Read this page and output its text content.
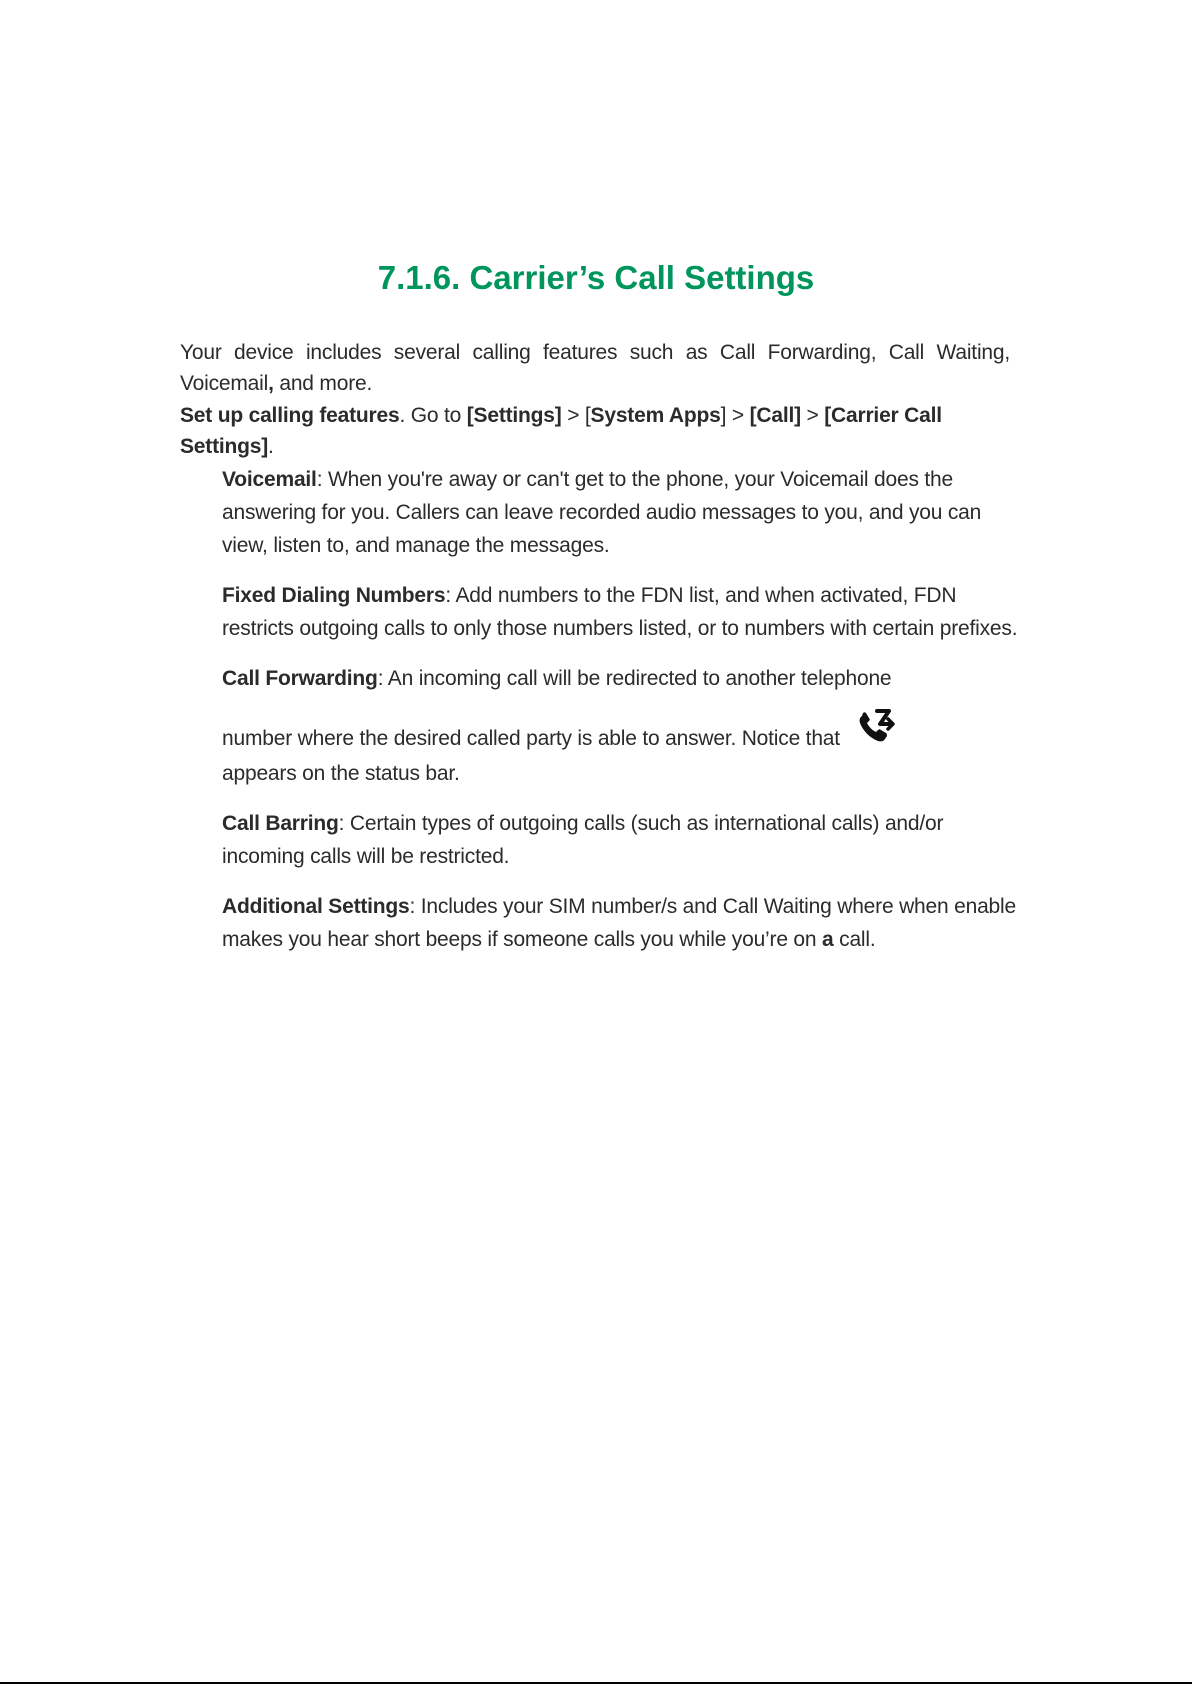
7.1.6. Carrier’s Call Settings

Your device includes several calling features such as Call Forwarding, Call Waiting, Voicemail, and more.

Set up calling features. Go to [Settings] > [System Apps] > [Call] > [Carrier Call Settings].

Voicemail: When you're away or can't get to the phone, your Voicemail does the answering for you. Callers can leave recorded audio messages to you, and you can view, listen to, and manage the messages.
Fixed Dialing Numbers: Add numbers to the FDN list, and when activated, FDN restricts outgoing calls to only those numbers listed, or to numbers with certain prefixes.
Call Forwarding: An incoming call will be redirected to another telephone
number where the desired called party is able to answer. Notice that
appears on the status bar.
Call Barring: Certain types of outgoing calls (such as international calls) and/or incoming calls will be restricted.
Additional Settings: Includes your SIM number/s and Call Waiting where when enable makes you hear short beeps if someone calls you while you’re on a call.
